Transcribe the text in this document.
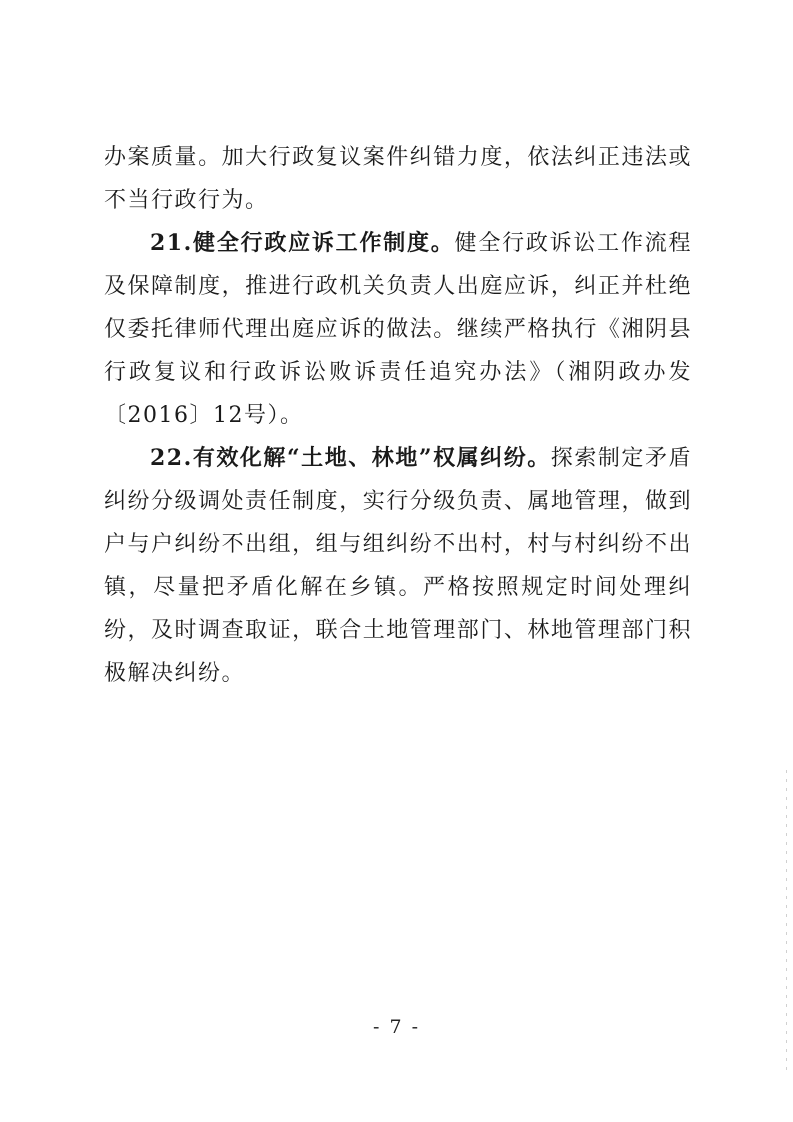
办案质量。加大行政复议案件纠错力度，依法纠正违法或不当行政行为。

21.健全行政应诉工作制度。健全行政诉讼工作流程及保障制度，推进行政机关负责人出庭应诉，纠正并杜绝仅委托律师代理出庭应诉的做法。继续严格执行《湘阴县行政复议和行政诉讼败诉责任追究办法》（湘阴政办发〔2016〕12号）。

22.有效化解“土地、林地”权属纠纷。探索制定矛盾纠纷分级调处责任制度，实行分级负责、属地管理，做到户与户纠纷不出组，组与组纠纷不出村，村与村纠纷不出镇，尽量把矛盾化解在乡镇。严格按照规定时间处理纠纷，及时调查取证，联合土地管理部门、林地管理部门积极解决纠纷。

- 7 -
